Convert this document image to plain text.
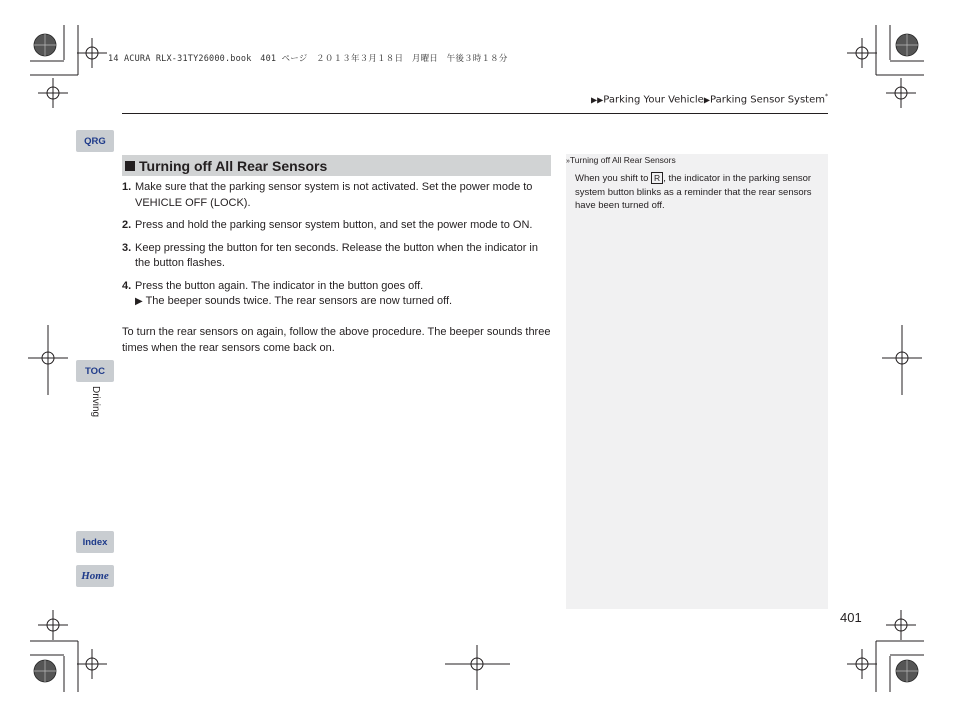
14 ACURA RLX-31TY26000.book　401 ページ　２０１３年３月１８日　月曜日　午後３時１８分
▶▶Parking Your Vehicle▶Parking Sensor System*
QRG
TOC
Driving
Index
Home
Turning off All Rear Sensors
1. Make sure that the parking sensor system is not activated. Set the power mode to VEHICLE OFF (LOCK).
2. Press and hold the parking sensor system button, and set the power mode to ON.
3. Keep pressing the button for ten seconds. Release the button when the indicator in the button flashes.
4. Press the button again. The indicator in the button goes off.
▶ The beeper sounds twice. The rear sensors are now turned off.
To turn the rear sensors on again, follow the above procedure. The beeper sounds three times when the rear sensors come back on.
»Turning off All Rear Sensors
When you shift to R , the indicator in the parking sensor system button blinks as a reminder that the rear sensors have been turned off.
401
